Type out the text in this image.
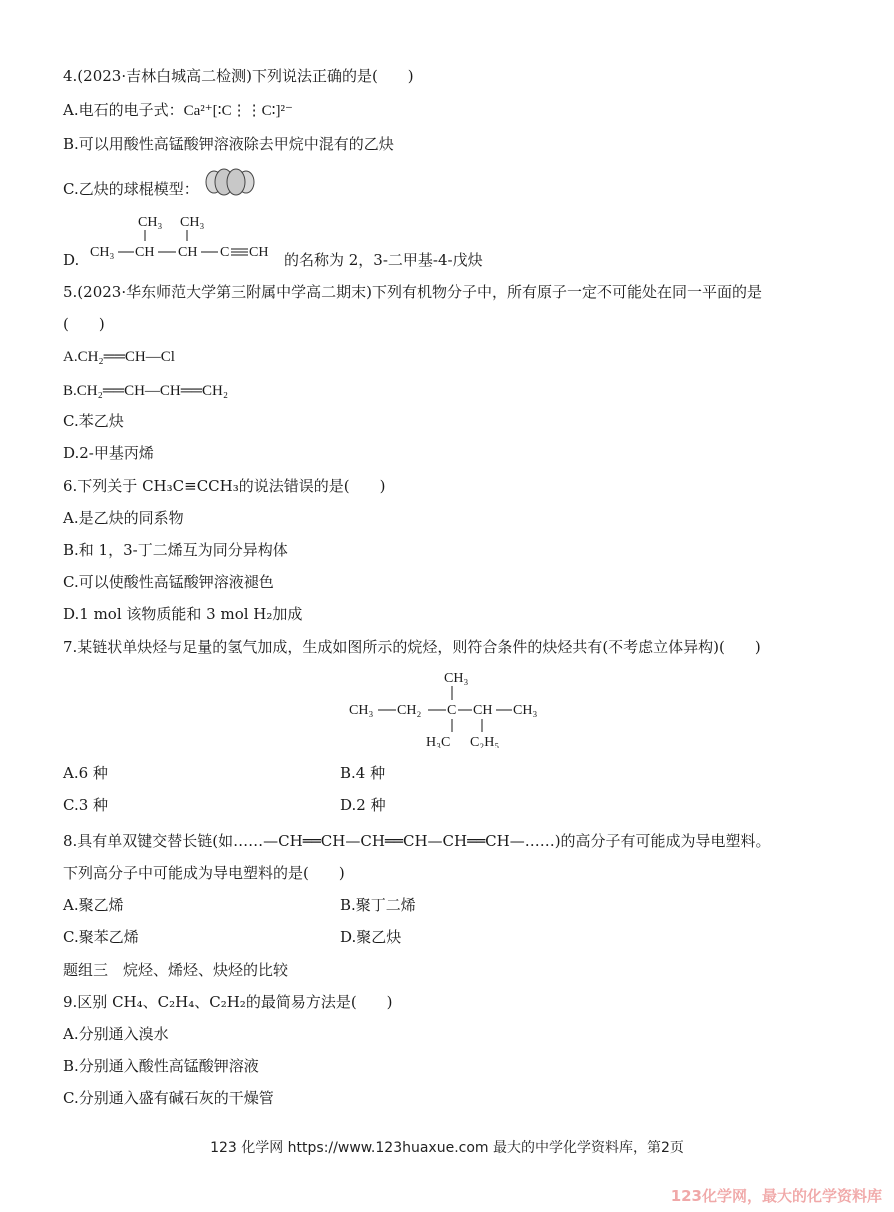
4.(2023·吉林白城高二检测)下列说法正确的是(　　)
A.电石的电子式：Ca²⁺[∶C⋮⋮C∶]²⁻
B.可以用酸性高锰酸钾溶液除去甲烷中混有的乙炔
C.乙炔的球棍模型：
D.
CH₃ CH₃
CH₃ CH CH C CH 的名称为 2，3-二甲基-4-戊炔
5.(2023·华东师范大学第三附属中学高二期末)下列有机物分子中，所有原子一定不可能处在同一平面的是
(　　)
A.CH₂══CH—Cl
B.CH₂══CH—CH══CH₂
C.苯乙炔
D.2-甲基丙烯
6.下列关于 CH₃C≡CCH₃的说法错误的是(　　)
A.是乙炔的同系物
B.和 1，3-丁二烯互为同分异构体
C.可以使酸性高锰酸钾溶液褪色
D.1 mol 该物质能和 3 mol H₂加成
7.某链状单炔烃与足量的氢气加成，生成如图所示的烷烃，则符合条件的炔烃共有(不考虑立体异构)(　　)
CH₃
CH₃ CH₂ C CH CH₃
H₃C C₂H₅
A.6 种	B.4 种
C.3 种	D.2 种
8.具有单双键交替长链(如……—CH══CH—CH══CH—CH══CH—……)的高分子有可能成为导电塑料。
下列高分子中可能成为导电塑料的是(　　)
A.聚乙烯	B.聚丁二烯
C.聚苯乙烯	D.聚乙炔
题组三　烷烃、烯烃、炔烃的比较
9.区别 CH₄、C₂H₄、C₂H₂的最简易方法是(　　)
A.分别通入溴水
B.分别通入酸性高锰酸钾溶液
C.分别通入盛有碱石灰的干燥管
123 化学网 https://www.123huaxue.com 最大的中学化学资料库，第2页
123化学网，最大的化学资料库
